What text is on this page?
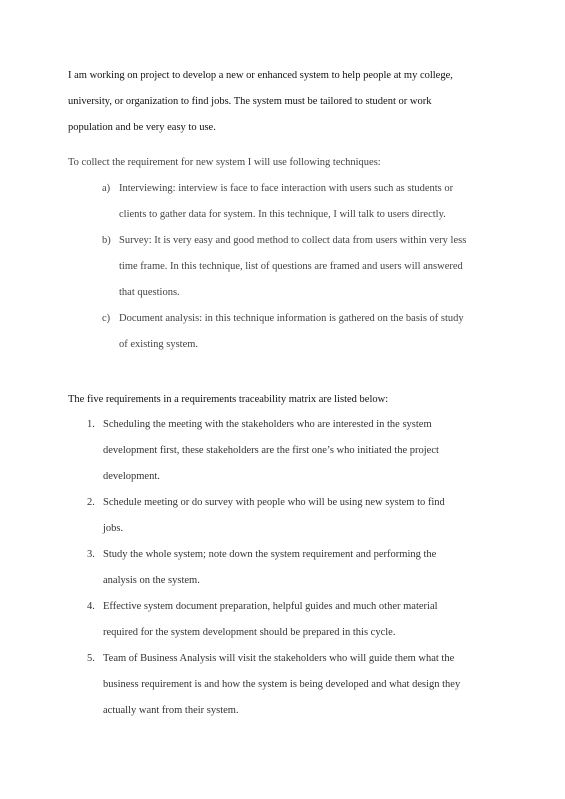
I am working on project to develop a new or enhanced system to help people at my college,
university, or organization to find jobs. The system must be tailored to student or work
population and be very easy to use.

To collect the requirement for new system I will use following techniques:

a) Interviewing: interview is face to face interaction with users such as students or
clients to gather data for system. In this technique, I will talk to users directly.
b) Survey: It is very easy and good method to collect data from users within very less
time frame. In this technique, list of questions are framed and users will answered
that questions.
c) Document analysis: in this technique information is gathered on the basis of study
of existing system.

The five requirements in a requirements traceability matrix are listed below:

1. Scheduling the meeting with the stakeholders who are interested in the system
development first, these stakeholders are the first one’s who initiated the project
development.
2. Schedule meeting or do survey with people who will be using new system to find
jobs.
3. Study the whole system; note down the system requirement and performing the
analysis on the system.
4. Effective system document preparation, helpful guides and much other material
required for the system development should be prepared in this cycle.
5. Team of Business Analysis will visit the stakeholders who will guide them what the
business requirement is and how the system is being developed and what design they
actually want from their system.
